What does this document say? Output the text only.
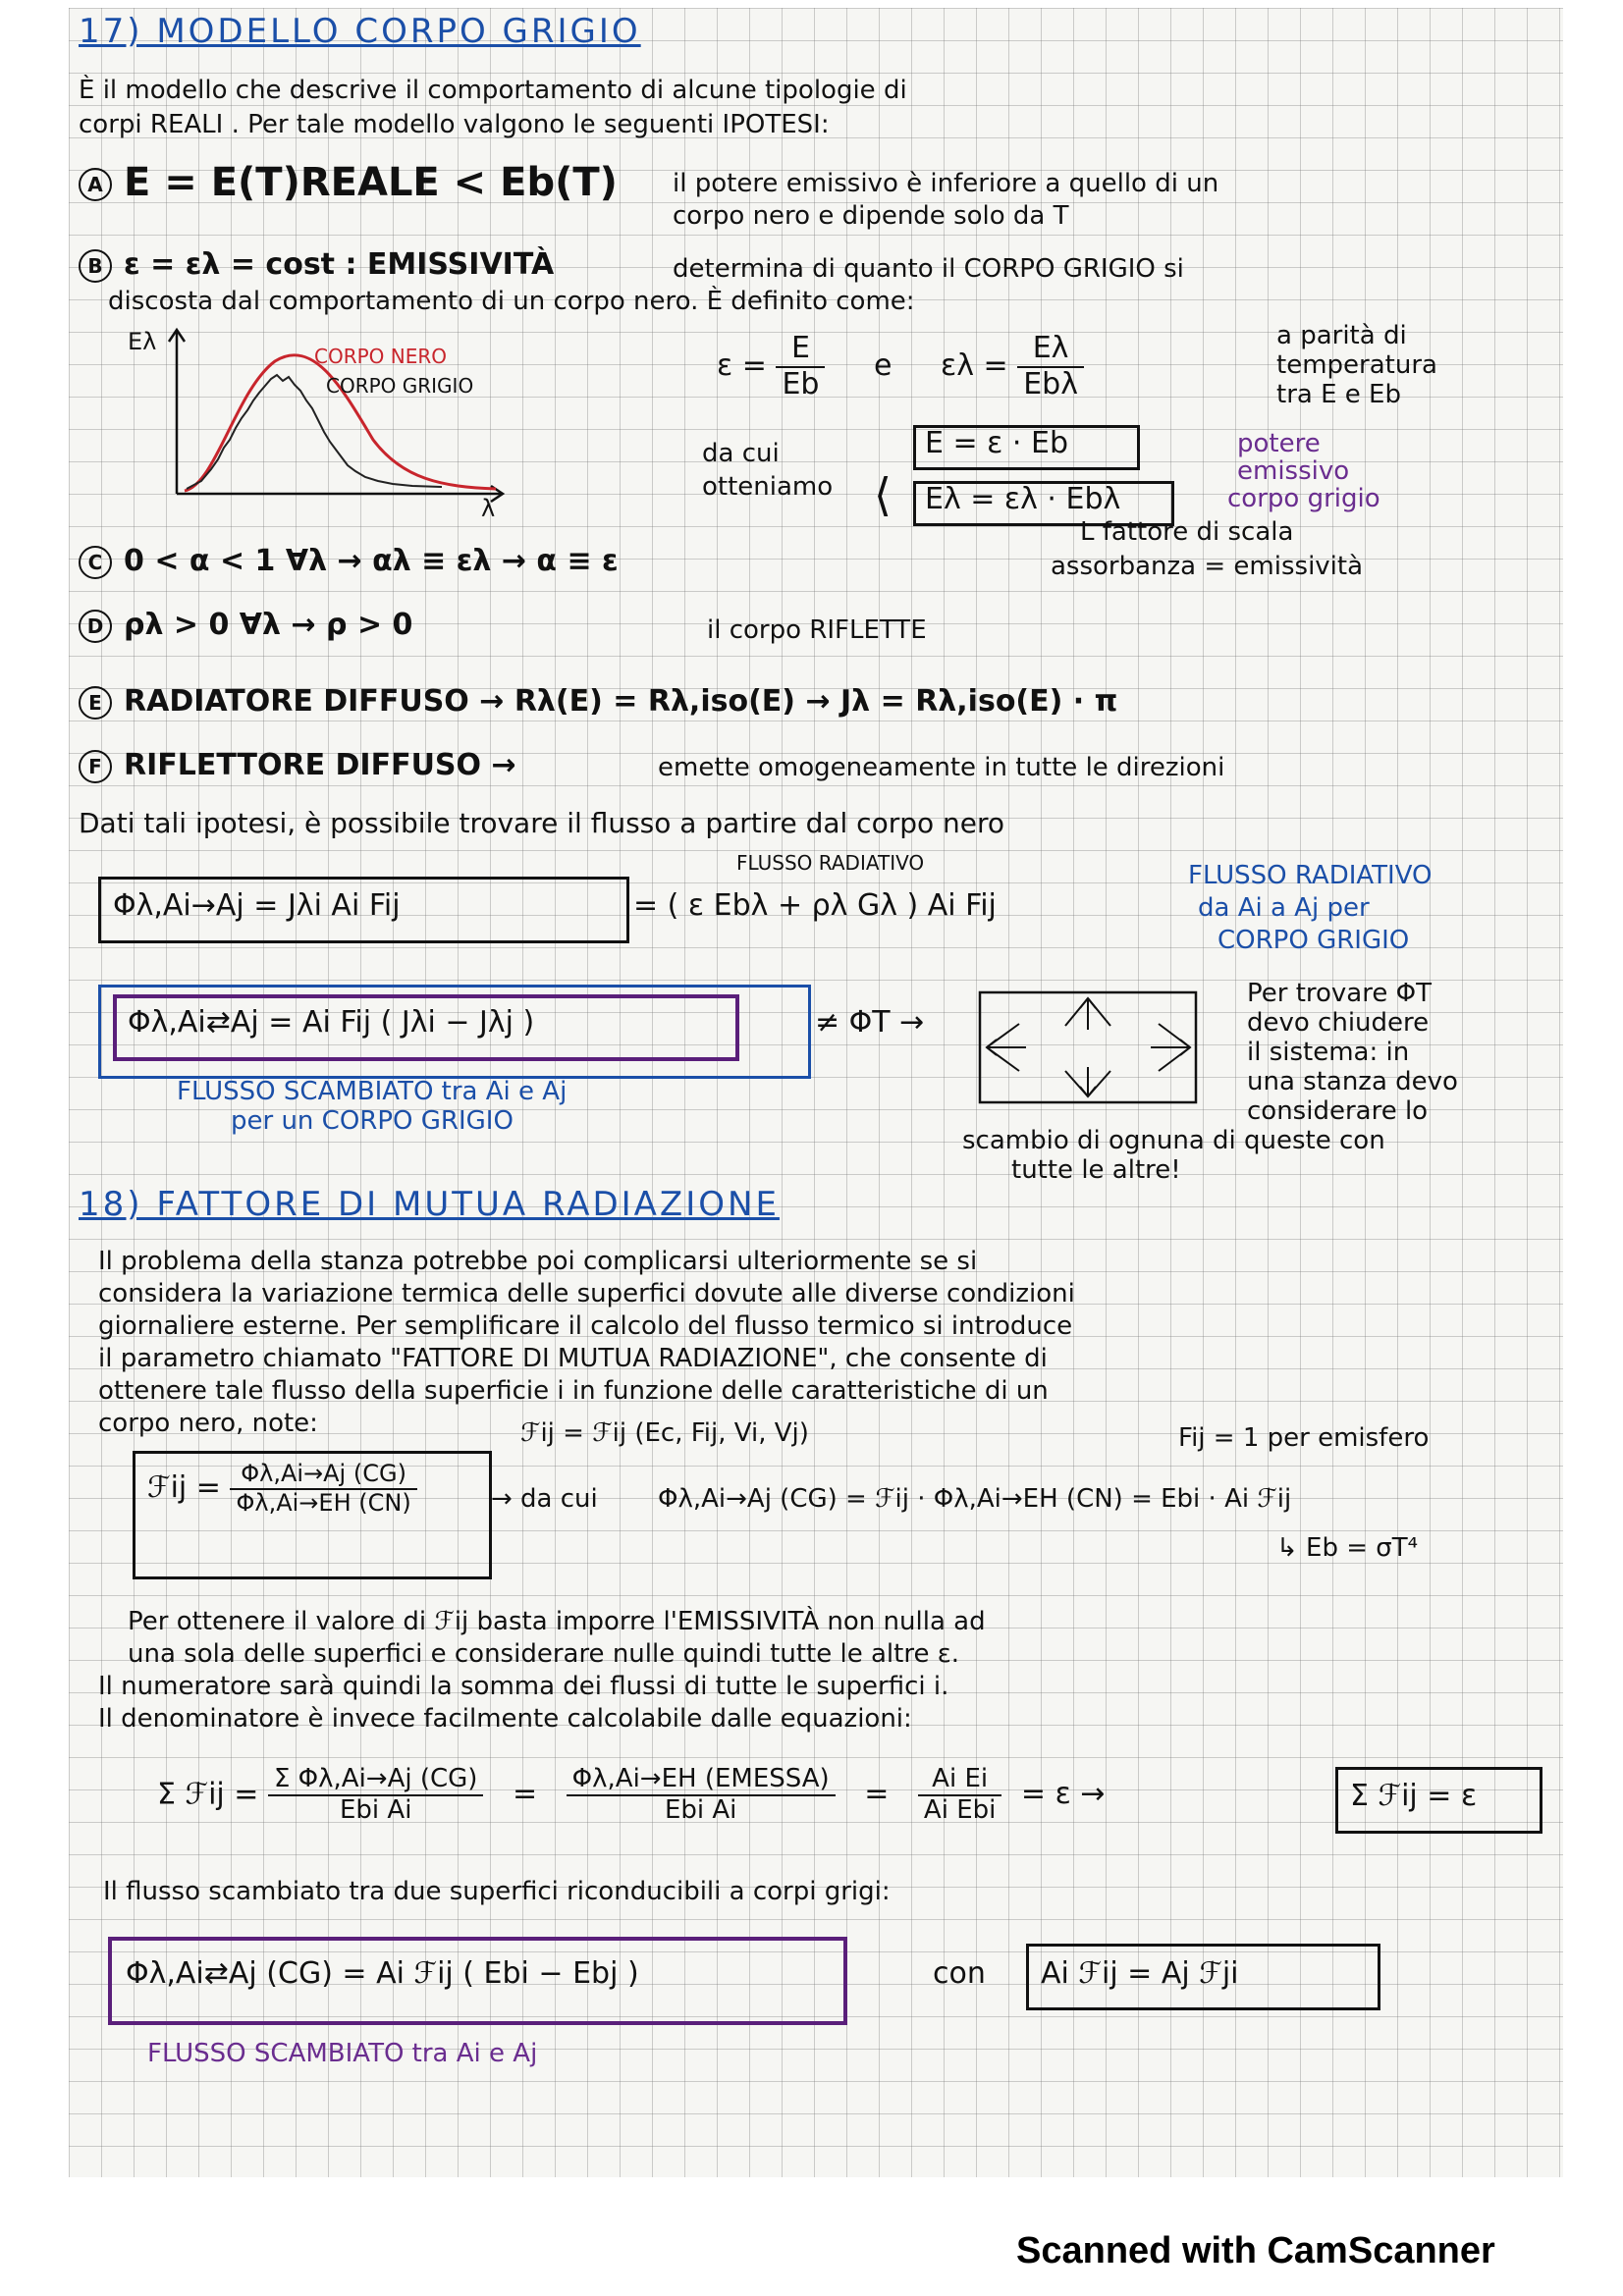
17) MODELLO CORPO GRIGIO
È il modello che descrive il comportamento di alcune tipologie di
corpi REALI . Per tale modello valgono le seguenti IPOTESI:
A E = E(T)REALE < Eb(T) il potere emissivo è inferiore a quello di un
corpo nero e dipende solo da T
B ε = ελ = cost : EMISSIVITÀ	determina di quanto il CORPO GRIGIO si
discosta dal comportamento di un corpo nero. È definito come:
Eλ
λ
CORPO NERO
CORPO GRIGIO
$\varepsilon = \frac{E}{Eb}$ e $\varepsilon\lambda = \frac{E\lambda}{\text{Ebλ}}$	a parità di
temperatura
tra E e Eb
da cui
otteniamo ⟨
E = ε · Eb
Eλ = ελ · Ebλ
potere
emissivo
corpo grigio
L fattore di scala
C 0 < α < 1 ∀λ → αλ ≡ ελ → α ≡ ε	assorbanza = emissività
D ρλ > 0 ∀λ → ρ > 0	il corpo RIFLETTE
E RADIATORE DIFFUSO → Rλ(E) = Rλ,iso(E) → Jλ = Rλ,iso(E) · π
F RIFLETTORE DIFFUSO →	emette omogeneamente in tutte le direzioni
Dati tali ipotesi, è possibile trovare il flusso a partire dal corpo nero
FLUSSO RADIATIVO
Φλ,Ai→Aj = Jλi Ai Fij	= ( ε Ebλ + ρλ Gλ ) Ai Fij
FLUSSO RADIATIVO
da Ai a Aj per
CORPO GRIGIO
Φλ,Ai⇄Aj = Ai Fij ( Jλi − Jλj )	≠ ΦT →
FLUSSO SCAMBIATO tra Ai e Aj
per un CORPO GRIGIO
Per trovare ΦT
devo chiudere
il sistema: in
una stanza devo
considerare lo
scambio di ognuna di queste con
tutte le altre!
18) FATTORE DI MUTUA RADIAZIONE
Il problema della stanza potrebbe poi complicarsi ulteriormente se si
considera la variazione termica delle superfici dovute alle diverse condizioni
giornaliere esterne. Per semplificare il calcolo del flusso termico si introduce
il parametro chiamato "FATTORE DI MUTUA RADIAZIONE", che consente di
ottenere tale flusso della superficie i in funzione delle caratteristiche di un
corpo nero, note:
ℱij = $\frac{\Phi\lambda,Ai\to Aj (CG)}{\Phi\lambda,Ai\to EH (CN)}$
ℱij = ℱij (Ec, Fij, Vi, Vj)
→ da cui Φλ,Ai→Aj (CG) = ℱij · Φλ,Ai→EH (CN) = Ebi · Ai ℱij
Fij = 1 per emisfero
↳ Eb = σT⁴
Per ottenere il valore di ℱij basta imporre l'EMISSIVITÀ non nulla ad
una sola delle superfici e considerare nulle quindi tutte le altre ε.
Il numeratore sarà quindi la somma dei flussi di tutte le superfici i.
Il denominatore è invece facilmente calcolabile dalle equazioni:
Σ ℱij = $\frac{\text{Σ Φλ,Ai→Aj (CG)}}{\text{Ebi Ai}} = \frac{\text{Φλ,Ai→EH (EMESSA)}}{\text{Ebi Ai}} = \frac{\text{Ai Ei}}{\text{Ai Ebi}} = \varepsilon$ →	Σ ℱij = ε
Il flusso scambiato tra due superfici riconducibili a corpi grigi:
Φλ,Ai⇄Aj (CG) = Ai ℱij ( Ebi − Ebj )	con Ai ℱij = Aj ℱji
FLUSSO SCAMBIATO tra Ai e Aj
Scanned with CamScanner
